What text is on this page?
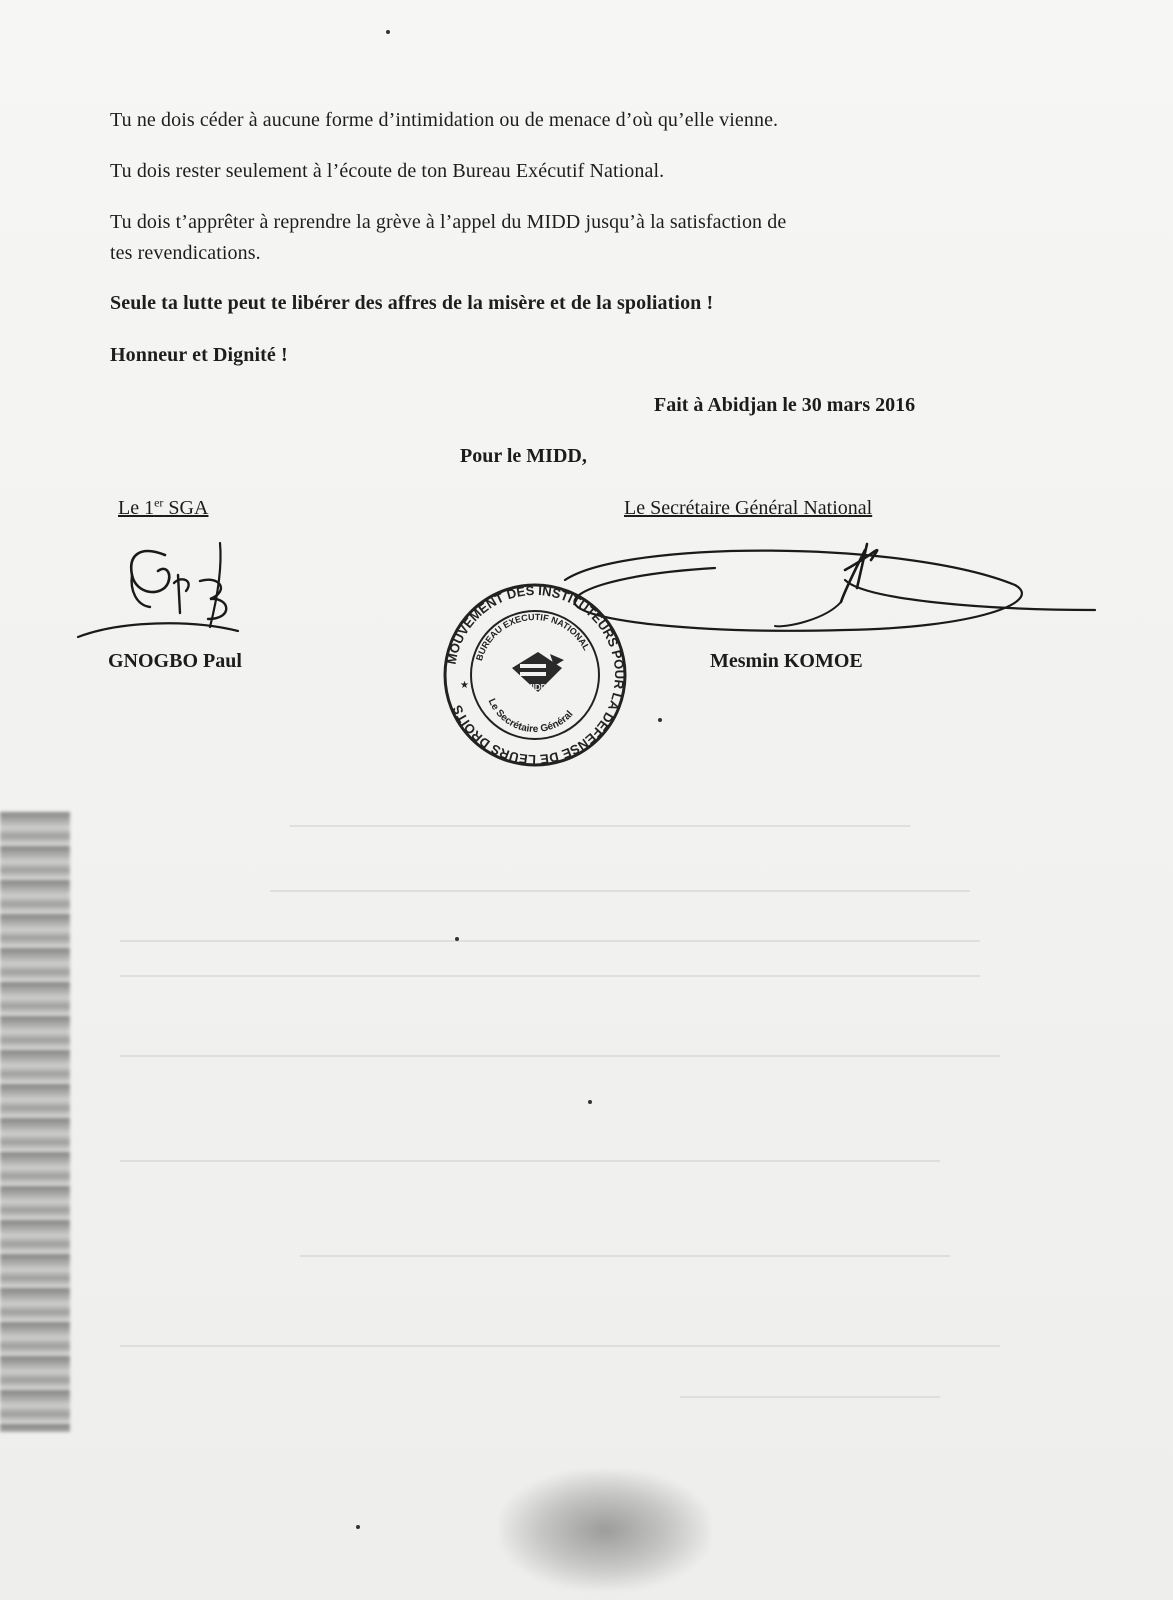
Tu ne dois céder à aucune forme d’intimidation ou de menace d’où qu’elle vienne.
Tu dois rester seulement à l’écoute de ton Bureau Exécutif National.
Tu dois t’apprêter à reprendre la grève à l’appel du MIDD jusqu’à la satisfaction de
tes revendications.
Seule ta lutte peut te libérer des affres de la misère et de la spoliation !
Honneur et Dignité !
Fait à Abidjan le 30 mars 2016
Pour le MIDD,
Le 1er SGA	Le Secrétaire Général National
MOUVEMENT DES INSTITUTEURS POUR LA DEFENSE DE LEURS DROITS
BUREAU EXECUTIF NATIONAL
Le Secrétaire Général
MIDD
★
GNOGBO Paul	Mesmin KOMOE
